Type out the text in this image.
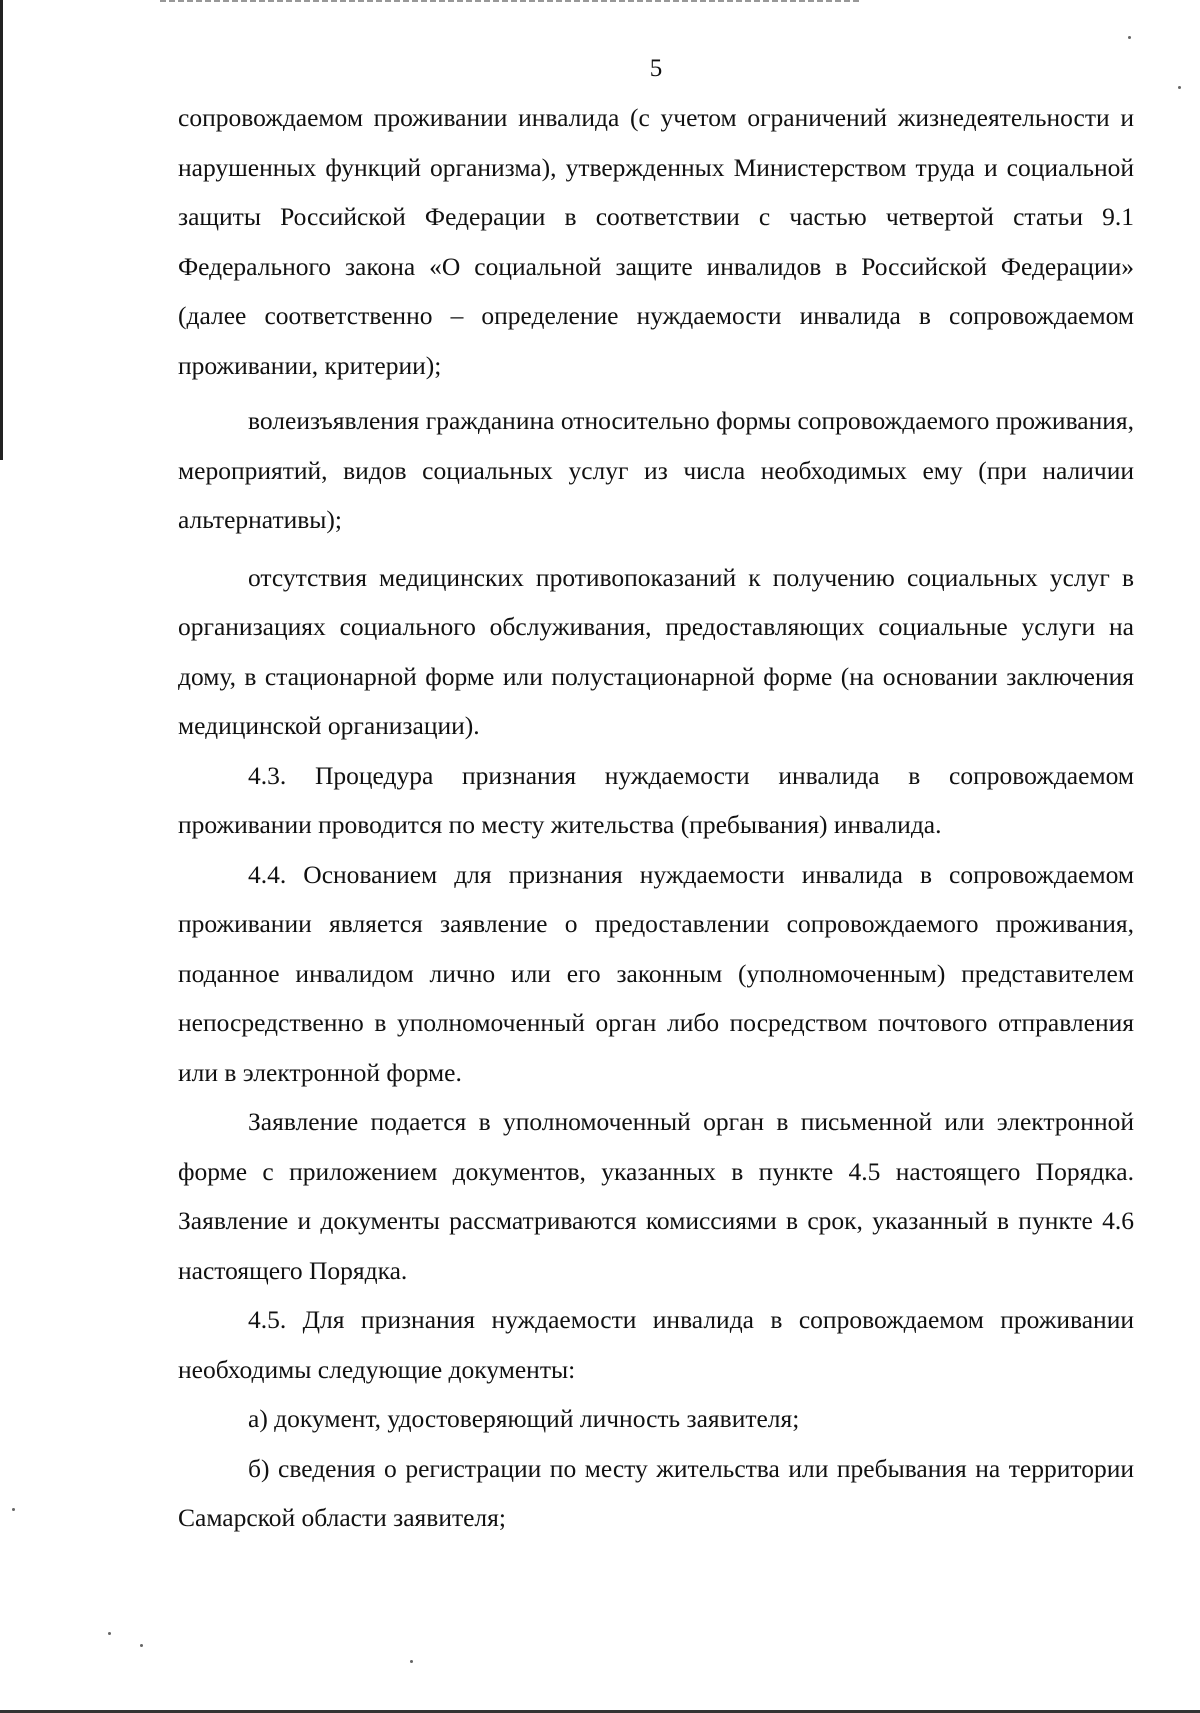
5

сопровождаемом проживании инвалида (с учетом ограничений жизнедеятельности и нарушенных функций организма), утвержденных Министерством труда и социальной защиты Российской Федерации в соответствии с частью четвертой статьи 9.1 Федерального закона «О социальной защите инвалидов в Российской Федерации» (далее соответственно – определение нуждаемости инвалида в сопровождаемом проживании, критерии);

волеизъявления гражданина относительно формы сопровождаемого проживания, мероприятий, видов социальных услуг из числа необходимых ему (при наличии альтернативы);

отсутствия медицинских противопоказаний к получению социальных услуг в организациях социального обслуживания, предоставляющих социальные услуги на дому, в стационарной форме или полустационарной форме (на основании заключения медицинской организации).

4.3. Процедура признания нуждаемости инвалида в сопровождаемом проживании проводится по месту жительства (пребывания) инвалида.

4.4. Основанием для признания нуждаемости инвалида в сопровождаемом проживании является заявление о предоставлении сопровождаемого проживания, поданное инвалидом лично или его законным (уполномоченным) представителем непосредственно в уполномоченный орган либо посредством почтового отправления или в электронной форме.

Заявление подается в уполномоченный орган в письменной или электронной форме с приложением документов, указанных в пункте 4.5 настоящего Порядка. Заявление и документы рассматриваются комиссиями в срок, указанный в пункте 4.6 настоящего Порядка.

4.5. Для признания нуждаемости инвалида в сопровождаемом проживании необходимы следующие документы:

а) документ, удостоверяющий личность заявителя;

б) сведения о регистрации по месту жительства или пребывания на территории Самарской области заявителя;
